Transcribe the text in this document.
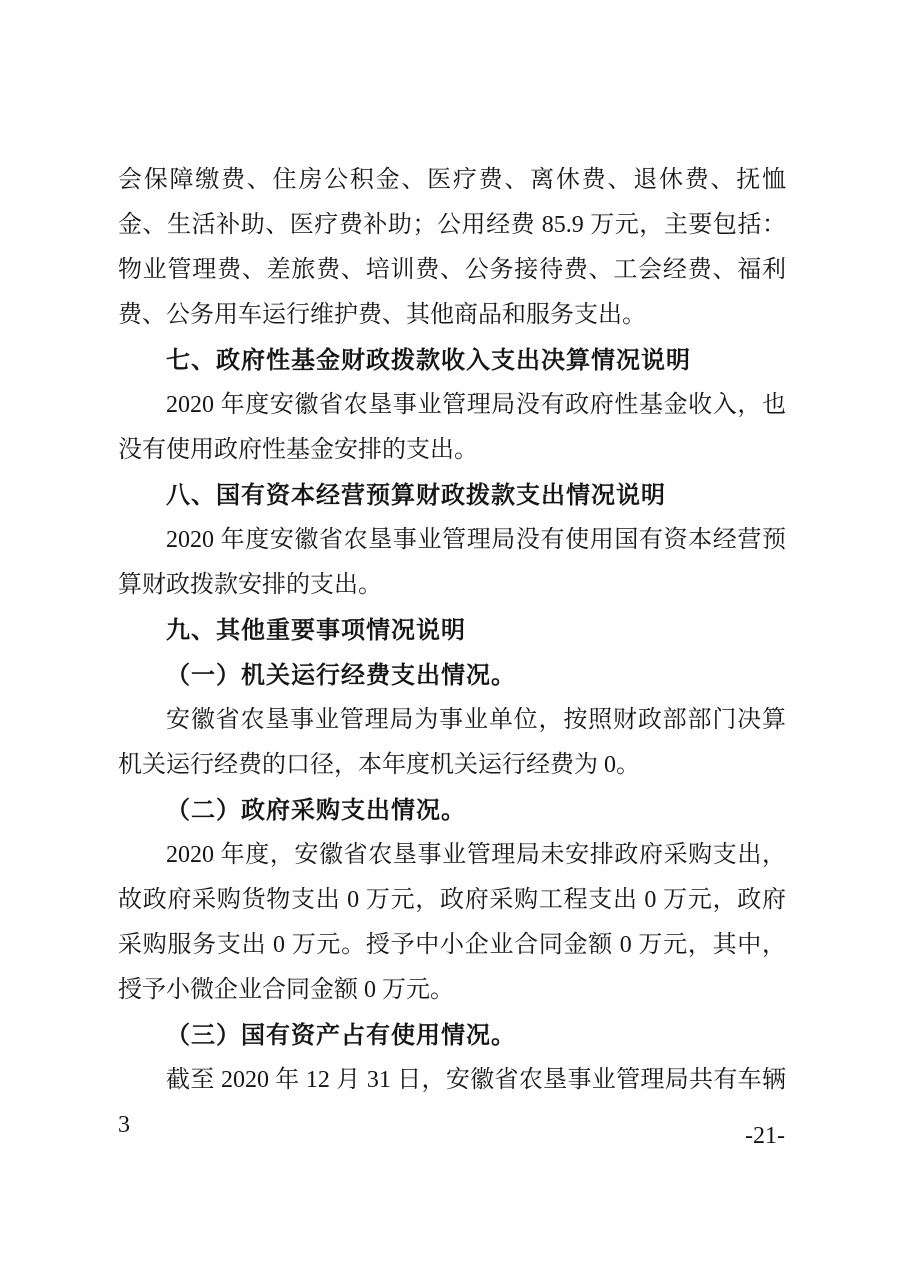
会保障缴费、住房公积金、医疗费、离休费、退休费、抚恤金、生活补助、医疗费补助；公用经费 85.9 万元，主要包括：物业管理费、差旅费、培训费、公务接待费、工会经费、福利费、公务用车运行维护费、其他商品和服务支出。

七、政府性基金财政拨款收入支出决算情况说明

2020 年度安徽省农垦事业管理局没有政府性基金收入，也没有使用政府性基金安排的支出。

八、国有资本经营预算财政拨款支出情况说明

2020 年度安徽省农垦事业管理局没有使用国有资本经营预算财政拨款安排的支出。

九、其他重要事项情况说明
（一）机关运行经费支出情况。

安徽省农垦事业管理局为事业单位，按照财政部部门决算机关运行经费的口径，本年度机关运行经费为 0。

（二）政府采购支出情况。

2020 年度，安徽省农垦事业管理局未安排政府采购支出，故政府采购货物支出 0 万元，政府采购工程支出 0 万元，政府采购服务支出 0 万元。授予中小企业合同金额 0 万元，其中，授予小微企业合同金额 0 万元。

（三）国有资产占有使用情况。

截至 2020 年 12 月 31 日，安徽省农垦事业管理局共有车辆 3	-21-
